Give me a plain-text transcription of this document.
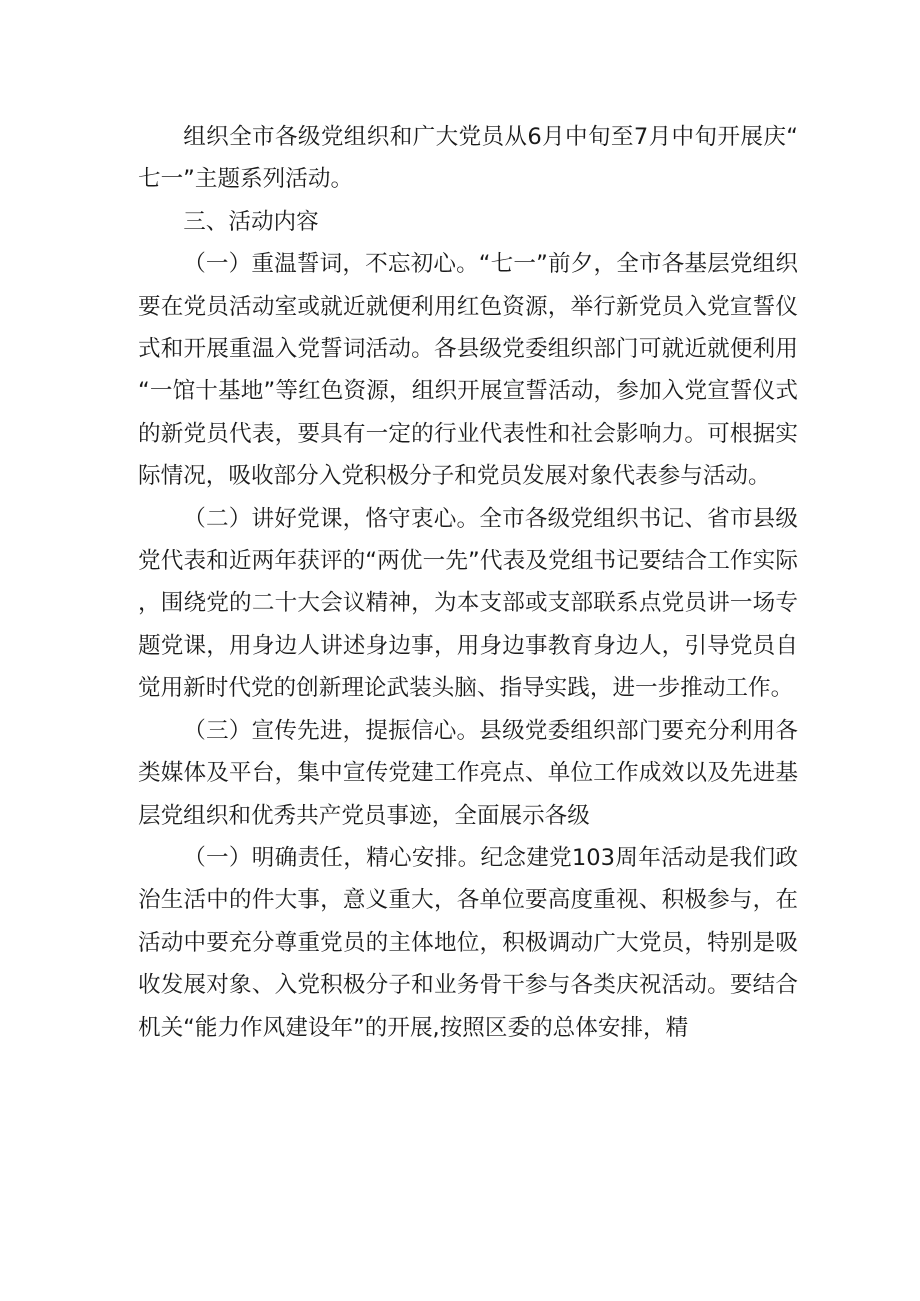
组织全市各级党组织和广大党员从6月中旬至7月中旬开展庆“七一”主题系列活动。

三、活动内容

（一）重温誓词，不忘初心。“七一”前夕，全市各基层党组织要在党员活动室或就近就便利用红色资源，举行新党员入党宣誓仪式和开展重温入党誓词活动。各县级党委组织部门可就近就便利用“一馆十基地”等红色资源，组织开展宣誓活动，参加入党宣誓仪式的新党员代表，要具有一定的行业代表性和社会影响力。可根据实际情况，吸收部分入党积极分子和党员发展对象代表参与活动。

（二）讲好党课，恪守衷心。全市各级党组织书记、省市县级党代表和近两年获评的“两优一先”代表及党组书记要结合工作实际，围绕党的二十大会议精神，为本支部或支部联系点党员讲一场专题党课，用身边人讲述身边事，用身边事教育身边人，引导党员自觉用新时代党的创新理论武装头脑、指导实践，进一步推动工作。

（三）宣传先进，提振信心。县级党委组织部门要充分利用各类媒体及平台，集中宣传党建工作亮点、单位工作成效以及先进基层党组织和优秀共产党员事迹，全面展示各级

（一）明确责任，精心安排。纪念建党103周年活动是我们政治生活中的件大事，意义重大，各单位要高度重视、积极参与，在活动中要充分尊重党员的主体地位，积极调动广大党员，特别是吸收发展对象、入党积极分子和业务骨干参与各类庆祝活动。要结合机关“能力作风建设年”的开展,按照区委的总体安排，精
